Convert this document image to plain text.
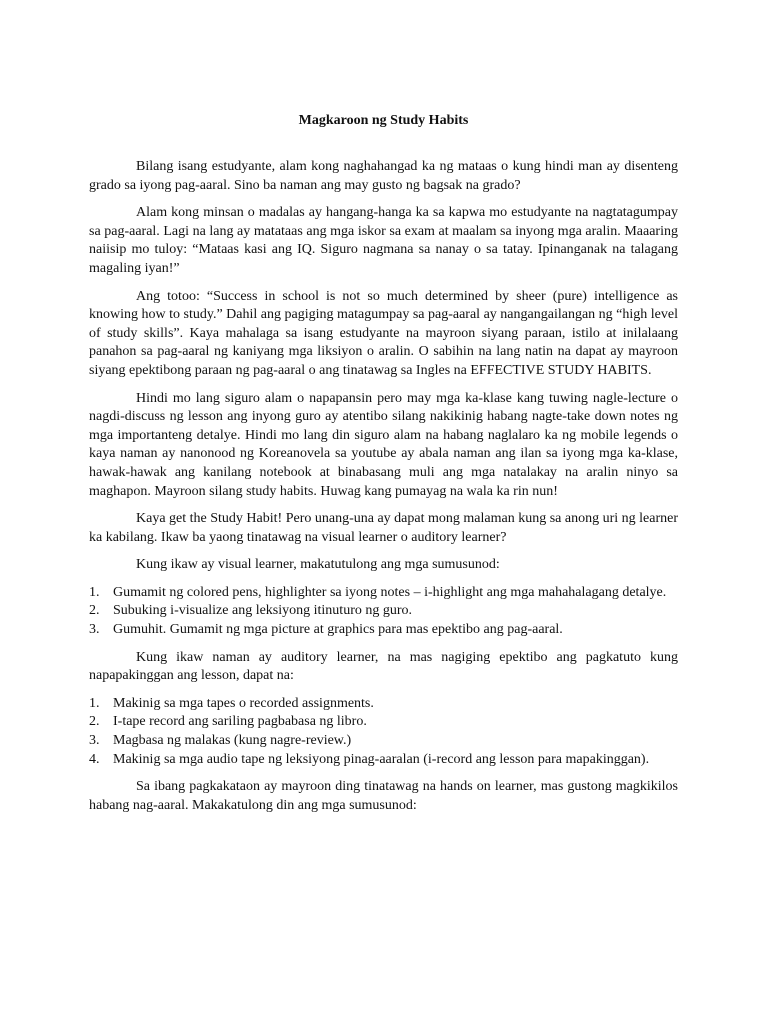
Magkaroon ng Study Habits

Bilang isang estudyante, alam kong naghahangad ka ng mataas o kung hindi man ay disenteng grado sa iyong pag-aaral. Sino ba naman ang may gusto ng bagsak na grado?

Alam kong minsan o madalas ay hangang-hanga ka sa kapwa mo estudyante na nagtatagumpay sa pag-aaral. Lagi na lang ay matataas ang mga iskor sa exam at maalam sa inyong mga aralin. Maaaring naiisip mo tuloy: “Mataas kasi ang IQ. Siguro nagmana sa nanay o sa tatay. Ipinanganak na talagang magaling iyan!”

Ang totoo: “Success in school is not so much determined by sheer (pure) intelligence as knowing how to study.” Dahil ang pagiging matagumpay sa pag-aaral ay nangangailangan ng “high level of study skills”. Kaya mahalaga sa isang estudyante na mayroon siyang paraan, istilo at inilalaang panahon sa pag-aaral ng kaniyang mga liksiyon o aralin. O sabihin na lang natin na dapat ay mayroon siyang epektibong paraan ng pag-aaral o ang tinatawag sa Ingles na EFFECTIVE STUDY HABITS.

Hindi mo lang siguro alam o napapansin pero may mga ka-klase kang tuwing nagle-lecture o nagdi-discuss ng lesson ang inyong guro ay atentibo silang nakikinig habang nagte-take down notes ng mga importanteng detalye. Hindi mo lang din siguro alam na habang naglalaro ka ng mobile legends o kaya naman ay nanonood ng Koreanovela sa youtube ay abala naman ang ilan sa iyong mga ka-klase, hawak-hawak ang kanilang notebook at binabasang muli ang mga natalakay na aralin ninyo sa maghapon. Mayroon silang study habits. Huwag kang pumayag na wala ka rin nun!

Kaya get the Study Habit! Pero unang-una ay dapat mong malaman kung sa anong uri ng learner ka kabilang. Ikaw ba yaong tinatawag na visual learner o auditory learner?

Kung ikaw ay visual learner, makatutulong ang mga sumusunod:

1. Gumamit ng colored pens, highlighter sa iyong notes – i-highlight ang mga mahahalagang detalye.
2. Subuking i-visualize ang leksiyong itinuturo ng guro.
3. Gumuhit. Gumamit ng mga picture at graphics para mas epektibo ang pag-aaral.

Kung ikaw naman ay auditory learner, na mas nagiging epektibo ang pagkatuto kung napapakinggan ang lesson, dapat na:

1. Makinig sa mga tapes o recorded assignments.
2. I-tape record ang sariling pagbabasa ng libro.
3. Magbasa ng malakas (kung nagre-review.)
4. Makinig sa mga audio tape ng leksiyong pinag-aaralan (i-record ang lesson para mapakinggan).

Sa ibang pagkakataon ay mayroon ding tinatawag na hands on learner, mas gustong magkikilos habang nag-aaral. Makakatulong din ang mga sumusunod:
